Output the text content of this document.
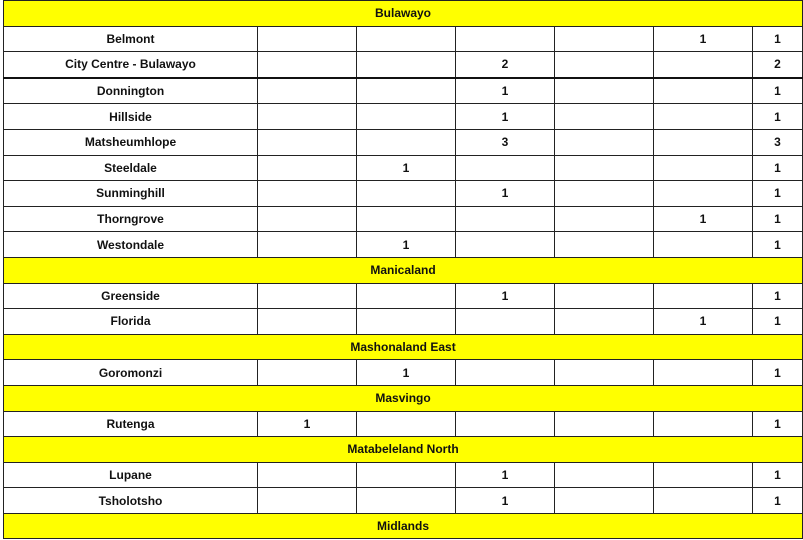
Bulawayo						
Belmont					1	1
City Centre - Bulawayo			2			2
Donnington			1			1
Hillside			1			1
Matsheumhlope			3			3
Steeldale		1				1
Sunminghill			1			1
Thorngrove					1	1
Westondale		1				1
Manicaland						
Greenside			1			1
Florida					1	1
Mashonaland East						
Goromonzi		1				1
Masvingo						
Rutenga	1					1
Matabeleland North						
Lupane			1			1
Tsholotsho			1			1
Midlands						
